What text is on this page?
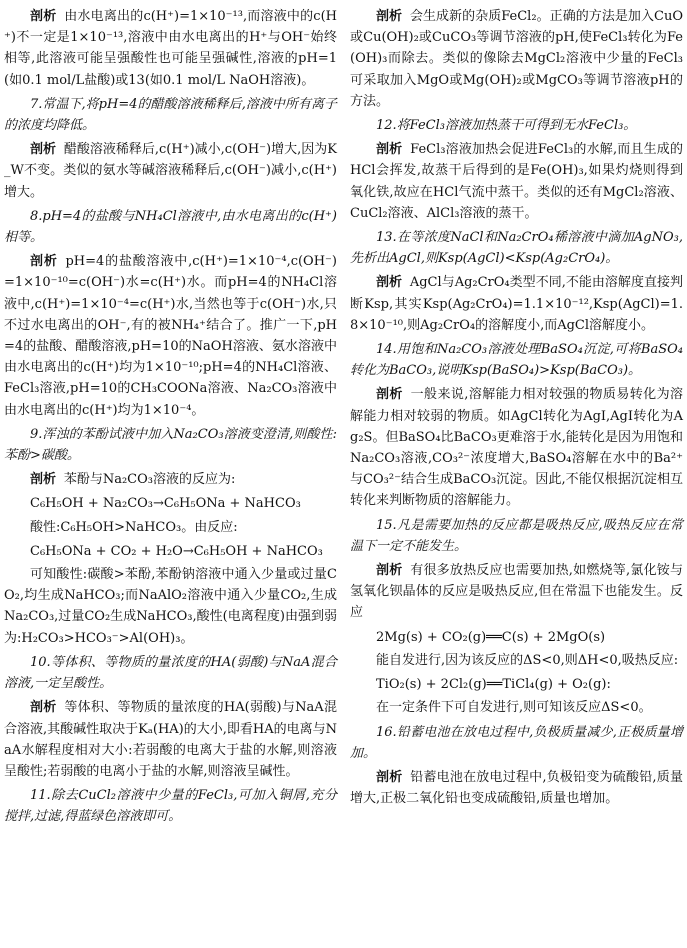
剖析 由水电离出的c(H⁺)=1×10⁻¹³,而溶液中的c(H⁺)不一定是1×10⁻¹³,溶液中由水电离出的H⁺与OH⁻始终相等,此溶液可能呈强酸性也可能呈强碱性,溶液的pH=1(如0.1 mol/L盐酸)或13(如0.1 mol/L NaOH溶液)。

7.常温下,将pH=4的醋酸溶液稀释后,溶液中所有离子的浓度均降低。

剖析 醋酸溶液稀释后,c(H⁺)减小,c(OH⁻)增大,因为K_W不变。类似的氨水等碱溶液稀释后,c(OH⁻)减小,c(H⁺)增大。

8.pH=4的盐酸与NH₄Cl溶液中,由水电离出的c(H⁺)相等。

剖析 pH=4的盐酸溶液中,c(H⁺)=1×10⁻⁴,c(OH⁻)=1×10⁻¹⁰=c(OH⁻)水=c(H⁺)水。而pH=4的NH₄Cl溶液中,c(H⁺)=1×10⁻⁴=c(H⁺)水,当然也等于c(OH⁻)水,只不过水电离出的OH⁻,有的被NH₄⁺结合了。推广一下,pH=4的盐酸、醋酸溶液,pH=10的NaOH溶液、氨水溶液中由水电离出的c(H⁺)均为1×10⁻¹⁰;pH=4的NH₄Cl溶液、FeCl₃溶液,pH=10的CH₃COONa溶液、Na₂CO₃溶液中由水电离出的c(H⁺)均为1×10⁻⁴。

9.浑浊的苯酚试液中加入Na₂CO₃溶液变澄清,则酸性:苯酚>碳酸。

剖析 苯酚与Na₂CO₃溶液的反应为:

C₆H₅OH + Na₂CO₃→C₆H₅ONa + NaHCO₃

酸性:C₆H₅OH>NaHCO₃。由反应:

C₆H₅ONa + CO₂ + H₂O→C₆H₅OH + NaHCO₃

可知酸性:碳酸>苯酚,苯酚钠溶液中通入少量或过量CO₂,均生成NaHCO₃;而NaAlO₂溶液中通入少量CO₂,生成Na₂CO₃,过量CO₂生成NaHCO₃,酸性(电离程度)由强到弱为:H₂CO₃>HCO₃⁻>Al(OH)₃。

10.等体积、等物质的量浓度的HA(弱酸)与NaA混合溶液,一定呈酸性。

剖析 等体积、等物质的量浓度的HA(弱酸)与NaA混合溶液,其酸碱性取决于Kₐ(HA)的大小,即看HA的电离与NaA水解程度相对大小:若弱酸的电离大于盐的水解,则溶液呈酸性;若弱酸的电离小于盐的水解,则溶液呈碱性。

11.除去CuCl₂溶液中少量的FeCl₃,可加入铜屑,充分搅拌,过滤,得蓝绿色溶液即可。

剖析 会生成新的杂质FeCl₂。正确的方法是加入CuO或Cu(OH)₂或CuCO₃等调节溶液的pH,使FeCl₃转化为Fe(OH)₃而除去。类似的像除去MgCl₂溶液中少量的FeCl₃可采取加入MgO或Mg(OH)₂或MgCO₃等调节溶液pH的方法。

12.将FeCl₃溶液加热蒸干可得到无水FeCl₃。

剖析 FeCl₃溶液加热会促进FeCl₃的水解,而且生成的HCl会挥发,故蒸干后得到的是Fe(OH)₃,如果灼烧则得到氧化铁,故应在HCl气流中蒸干。类似的还有MgCl₂溶液、CuCl₂溶液、AlCl₃溶液的蒸干。

13.在等浓度NaCl和Na₂CrO₄稀溶液中滴加AgNO₃,先析出AgCl,则Ksp(AgCl)<Ksp(Ag₂CrO₄)。

剖析 AgCl与Ag₂CrO₄类型不同,不能由溶解度直接判断Ksp,其实Ksp(Ag₂CrO₄)=1.1×10⁻¹²,Ksp(AgCl)=1.8×10⁻¹⁰,则Ag₂CrO₄的溶解度小,而AgCl溶解度小。

14.用饱和Na₂CO₃溶液处理BaSO₄沉淀,可将BaSO₄转化为BaCO₃,说明Ksp(BaSO₄)>Ksp(BaCO₃)。

剖析 一般来说,溶解能力相对较强的物质易转化为溶解能力相对较弱的物质。如AgCl转化为AgI,AgI转化为Ag₂S。但BaSO₄比BaCO₃更难溶于水,能转化是因为用饱和Na₂CO₃溶液,CO₃²⁻浓度增大,BaSO₄溶解在水中的Ba²⁺与CO₃²⁻结合生成BaCO₃沉淀。因此,不能仅根据沉淀相互转化来判断物质的溶解能力。

15.凡是需要加热的反应都是吸热反应,吸热反应在常温下一定不能发生。

剖析 有很多放热反应也需要加热,如燃烧等,氯化铵与氢氧化钡晶体的反应是吸热反应,但在常温下也能发生。反应

2Mg(s) + CO₂(g)══C(s) + 2MgO(s)

能自发进行,因为该反应的ΔS<0,则ΔH<0,吸热反应:

TiO₂(s) + 2Cl₂(g)══TiCl₄(g) + O₂(g):

在一定条件下可自发进行,则可知该反应ΔS<0。

16.铅蓄电池在放电过程中,负极质量减少,正极质量增加。

剖析 铅蓄电池在放电过程中,负极铅变为硫酸铅,质量增大,正极二氧化铅也变成硫酸铅,质量也增加。
